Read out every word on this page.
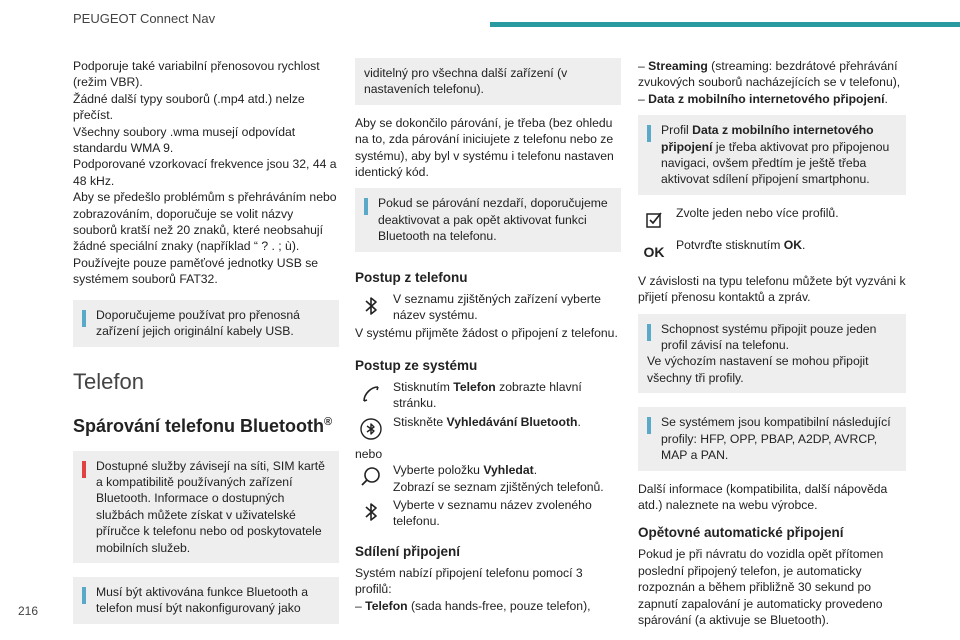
PEUGEOT Connect Nav
216

Podporuje také variabilní přenosovou rychlost (režim VBR).

Žádné další typy souborů (.mp4 atd.) nelze přečíst.

Všechny soubory .wma musejí odpovídat standardu WMA 9.

Podporované vzorkovací frekvence jsou 32, 44 a 48 kHz.

Aby se předešlo problémům s přehráváním nebo zobrazováním, doporučuje se volit názvy souborů kratší než 20 znaků, které neobsahují žádné speciální znaky (například “ ? . ; ù).

Používejte pouze paměťové jednotky USB se systémem souborů FAT32.

Doporučujeme používat pro přenosná zařízení jejich originální kabely USB.
Telefon
Spárování telefonu Bluetooth®
Dostupné služby závisejí na síti, SIM kartě a kompatibilitě používaných zařízení Bluetooth. Informace o dostupných službách můžete získat v uživatelské příručce k telefonu nebo od poskytovatele mobilních služeb.
Musí být aktivována funkce Bluetooth a telefon musí být nakonfigurovaný jako
viditelný pro všechna další zařízení (v nastaveních telefonu).

Aby se dokončilo párování, je třeba (bez ohledu na to, zda párování iniciujete z telefonu nebo ze systému), aby byl v systému i telefonu nastaven identický kód.

Pokud se párování nezdaří, doporučujeme deaktivovat a pak opět aktivovat funkci Bluetooth na telefonu.
Postup z telefonu
V seznamu zjištěných zařízení vyberte název systému.

V systému přijměte žádost o připojení z telefonu.

Postup ze systému
Stisknutím Telefon zobrazte hlavní stránku.
Stiskněte Vyhledávání Bluetooth.

nebo

Vyberte položku Vyhledat.
Zobrazí se seznam zjištěných telefonů.
Vyberte v seznamu název zvoleného telefonu.
Sdílení připojení

Systém nabízí připojení telefonu pomocí 3 profilů:

– Telefon (sada hands-free, pouze telefon),

– Streaming (streaming: bezdrátové přehrávání zvukových souborů nacházejících se v telefonu),

– Data z mobilního internetového připojení.

Profil Data z mobilního internetového připojení je třeba aktivovat pro připojenou navigaci, ovšem předtím je ještě třeba aktivovat sdílení připojení smartphonu.
Zvolte jeden nebo více profilů.
OK Potvrďte stisknutím OK.

V závislosti na typu telefonu můžete být vyzváni k přijetí přenosu kontaktů a zpráv.

Schopnost systému připojit pouze jeden profil závisí na telefonu.
Ve výchozím nastavení se mohou připojit všechny tři profily.
Se systémem jsou kompatibilní následující profily: HFP, OPP, PBAP, A2DP, AVRCP, MAP a PAN.

Další informace (kompatibilita, další nápověda atd.) naleznete na webu výrobce.

Opětovné automatické připojení

Pokud je při návratu do vozidla opět přítomen poslední připojený telefon, je automaticky rozpoznán a během přibližně 30 sekund po zapnutí zapalování je automaticky provedeno spárování (a aktivuje se Bluetooth).
